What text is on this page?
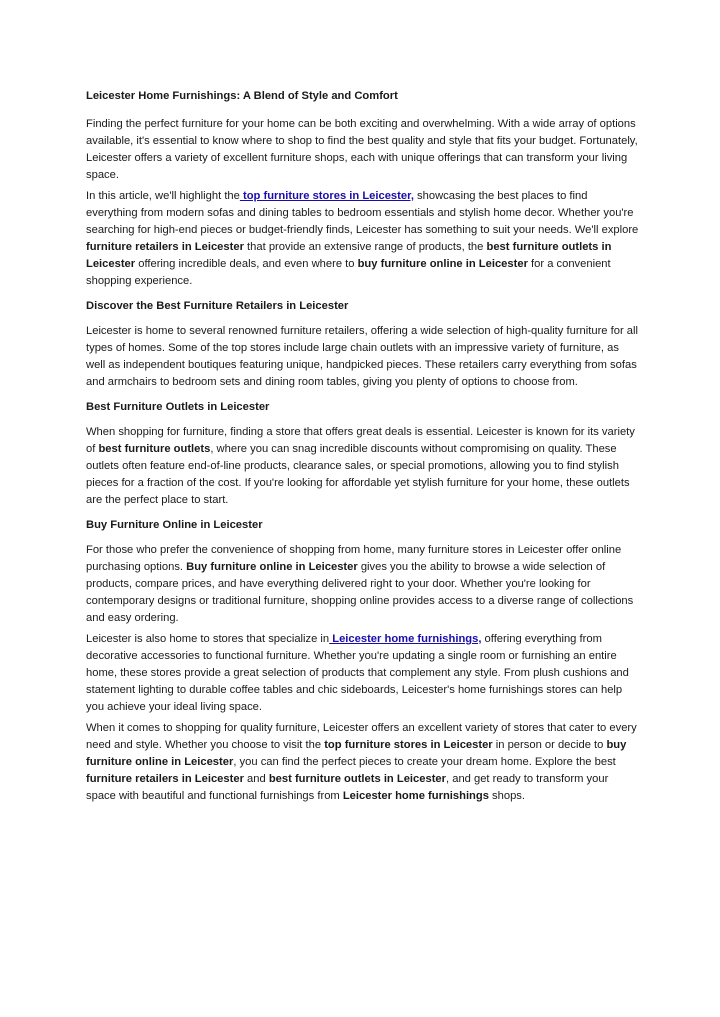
Leicester Home Furnishings: A Blend of Style and Comfort

Finding the perfect furniture for your home can be both exciting and overwhelming. With a wide array of options available, it's essential to know where to shop to find the best quality and style that fits your budget. Fortunately, Leicester offers a variety of excellent furniture shops, each with unique offerings that can transform your living space.

In this article, we'll highlight the top furniture stores in Leicester, showcasing the best places to find everything from modern sofas and dining tables to bedroom essentials and stylish home decor. Whether you're searching for high-end pieces or budget-friendly finds, Leicester has something to suit your needs. We'll explore furniture retailers in Leicester that provide an extensive range of products, the best furniture outlets in Leicester offering incredible deals, and even where to buy furniture online in Leicester for a convenient shopping experience.

Discover the Best Furniture Retailers in Leicester

Leicester is home to several renowned furniture retailers, offering a wide selection of high-quality furniture for all types of homes. Some of the top stores include large chain outlets with an impressive variety of furniture, as well as independent boutiques featuring unique, handpicked pieces. These retailers carry everything from sofas and armchairs to bedroom sets and dining room tables, giving you plenty of options to choose from.

Best Furniture Outlets in Leicester

When shopping for furniture, finding a store that offers great deals is essential. Leicester is known for its variety of best furniture outlets, where you can snag incredible discounts without compromising on quality. These outlets often feature end-of-line products, clearance sales, or special promotions, allowing you to find stylish pieces for a fraction of the cost. If you're looking for affordable yet stylish furniture for your home, these outlets are the perfect place to start.

Buy Furniture Online in Leicester

For those who prefer the convenience of shopping from home, many furniture stores in Leicester offer online purchasing options. Buy furniture online in Leicester gives you the ability to browse a wide selection of products, compare prices, and have everything delivered right to your door. Whether you're looking for contemporary designs or traditional furniture, shopping online provides access to a diverse range of collections and easy ordering.

Leicester is also home to stores that specialize in Leicester home furnishings, offering everything from decorative accessories to functional furniture. Whether you're updating a single room or furnishing an entire home, these stores provide a great selection of products that complement any style. From plush cushions and statement lighting to durable coffee tables and chic sideboards, Leicester's home furnishings stores can help you achieve your ideal living space.

When it comes to shopping for quality furniture, Leicester offers an excellent variety of stores that cater to every need and style. Whether you choose to visit the top furniture stores in Leicester in person or decide to buy furniture online in Leicester, you can find the perfect pieces to create your dream home. Explore the best furniture retailers in Leicester and best furniture outlets in Leicester, and get ready to transform your space with beautiful and functional furnishings from Leicester home furnishings shops.
